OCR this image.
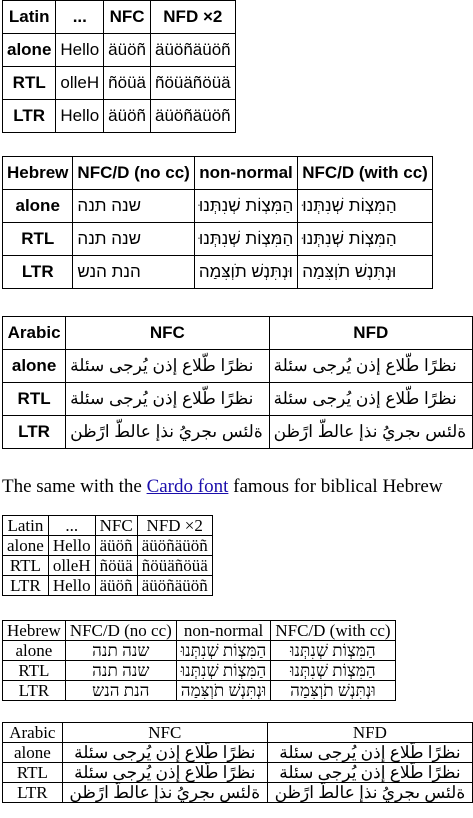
Latin	...	NFC	NFD ×2
alone	Hello	äüöñ	äüöñäüöñ
RTL	olleH	ñöüä	ñöüäñöüä
LTR	Hello	äüöñ	äüöñäüöñ
Hebrew	NFC/D (no cc)	non-normal	NFC/D (with cc)
alone	שנה תנה	הַמִּצְוֹת שְׁנִתְּנוּ	הַמִּצְוֹת שְׁנִתְּנוּ
RTL	שנה תנה	הַמִּצְוֹת שְׁנִתְּנוּ	הַמִּצְוֹת שְׁנִתְּנוּ
LTR	הנת הנש	וּנְתִּנְשׁ תֹוְצִּמַה	וּנְתִּנְשׁ תֹוְצִּמַה
Arabic	NFC	NFD
alone	نظرًا طّلاع إذن يُرجى سئلة	نظرًا طّلاع إذن يُرجى سئلة
RTL	نظرًا طّلاع إذن يُرجى سئلة	نظرًا طّلاع إذن يُرجى سئلة
LTR	نظرًا طّلاع إذن يُرجى سئلة	نظرًا طّلاع إذن يُرجى سئلة

The same with the Cardo font famous for biblical Hebrew

Latin	...	NFC	NFD ×2
alone	Hello	äüöñ	äüöñäüöñ
RTL	olleH	ñöüä	ñöüäñöüä
LTR	Hello	äüöñ	äüöñäüöñ
Hebrew	NFC/D (no cc)	non-normal	NFC/D (with cc)
alone	שנה תנה	הַמִּצְוֹת שְׁנִתְּנוּ	הַמִּצְוֹת שְׁנִתְּנוּ
RTL	שנה תנה	הַמִּצְוֹת שְׁנִתְּנוּ	הַמִּצְוֹת שְׁנִתְּנוּ
LTR	הנת הנש	וּנְתִּנְשׁ תֹוְצִּמַה	וּנְתִּנְשׁ תֹוְצִּמַה
Arabic	NFC	NFD
alone	نظرًا طّلاع إذن يُرجى سئلة	نظرًا طّلاع إذن يُرجى سئلة
RTL	نظرًا طّلاع إذن يُرجى سئلة	نظرًا طّلاع إذن يُرجى سئلة
LTR	نظرًا طّلاع إذن يُرجى سئلة	نظرًا طّلاع إذن يُرجى سئلة
